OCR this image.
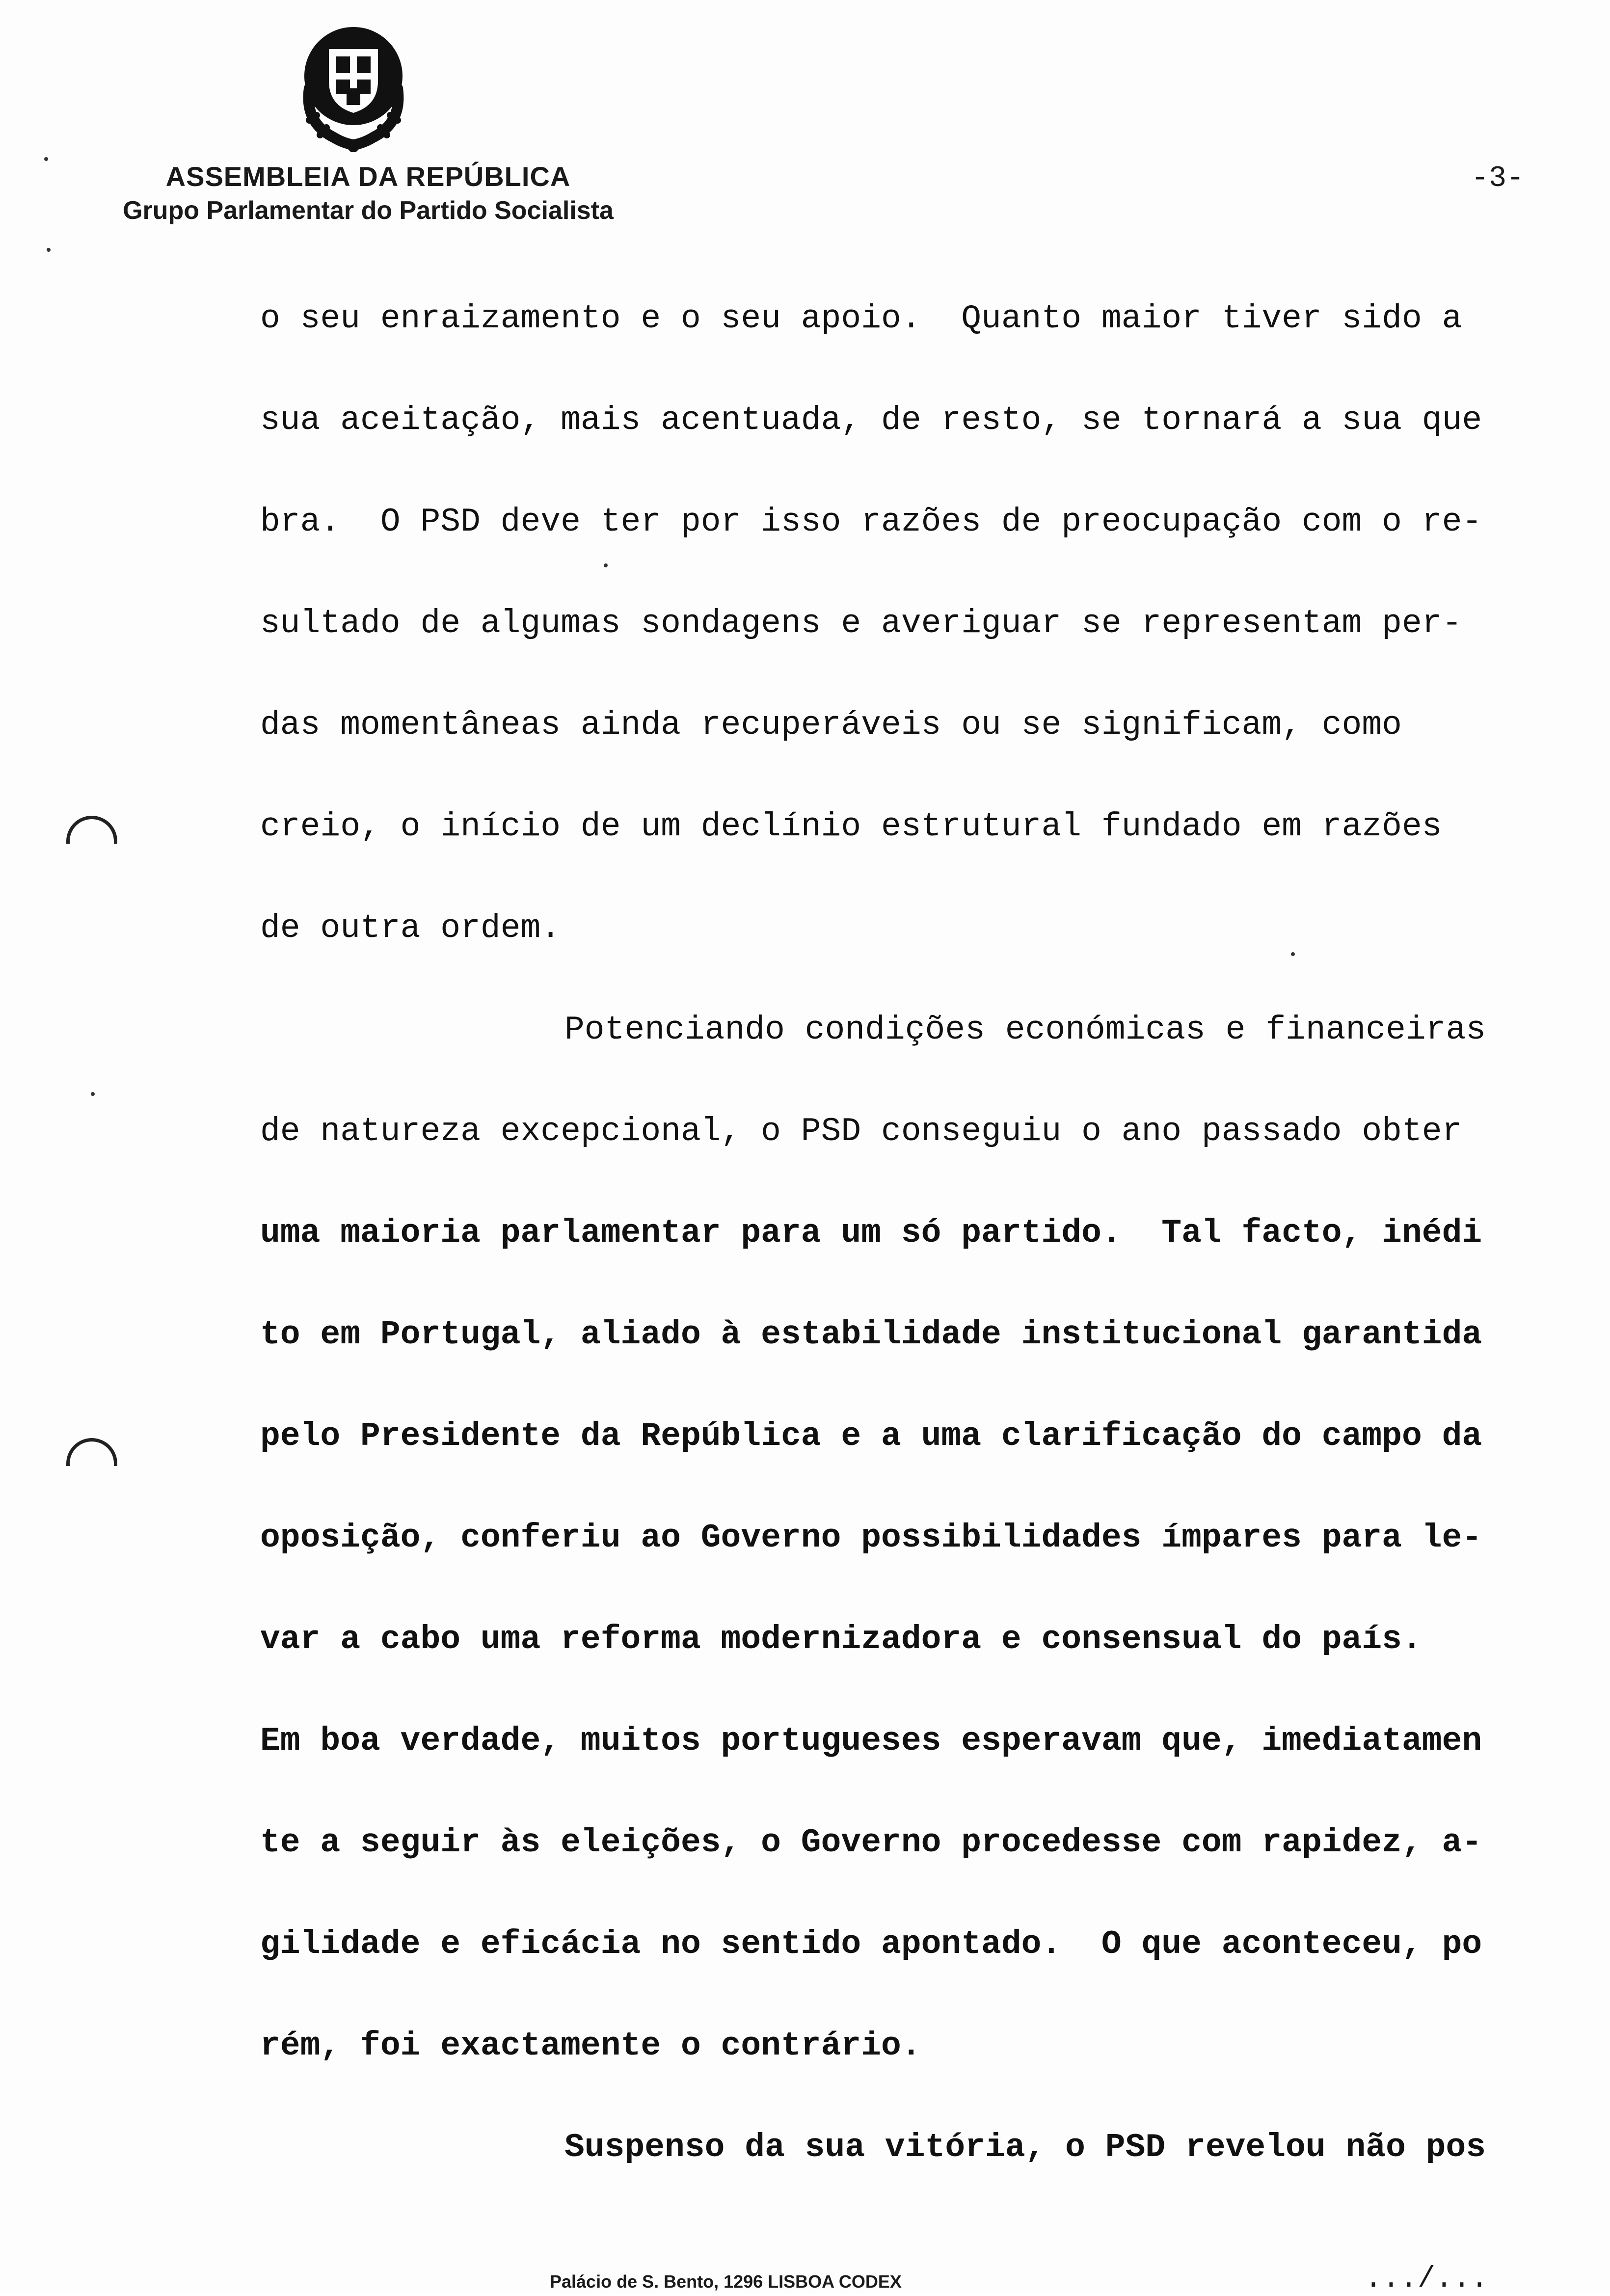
ASSEMBLEIA DA REPÚBLICA
Grupo Parlamentar do Partido Socialista
-3-
o seu enraizamento e o seu apoio.  Quanto maior tiver sido a
sua aceitação, mais acentuada, de resto, se tornará a sua que
bra.  O PSD deve ter por isso razões de preocupação com o re-
sultado de algumas sondagens e averiguar se representam per-
das momentâneas ainda recuperáveis ou se significam, como
creio, o início de um declínio estrutural fundado em razões
de outra ordem.
Potenciando condições económicas e financeiras
de natureza excepcional, o PSD conseguiu o ano passado obter
uma maioria parlamentar para um só partido.  Tal facto, inédi
to em Portugal, aliado à estabilidade institucional garantida
pelo Presidente da República e a uma clarificação do campo da
oposição, conferiu ao Governo possibilidades ímpares para le-
var a cabo uma reforma modernizadora e consensual do país.
Em boa verdade, muitos portugueses esperavam que, imediatamen
te a seguir às eleições, o Governo procedesse com rapidez, a-
gilidade e eficácia no sentido apontado.  O que aconteceu, po
rém, foi exactamente o contrário.
Suspenso da sua vitória, o PSD revelou não pos
Palácio de S. Bento, 1296 LISBOA CODEX	.../...
